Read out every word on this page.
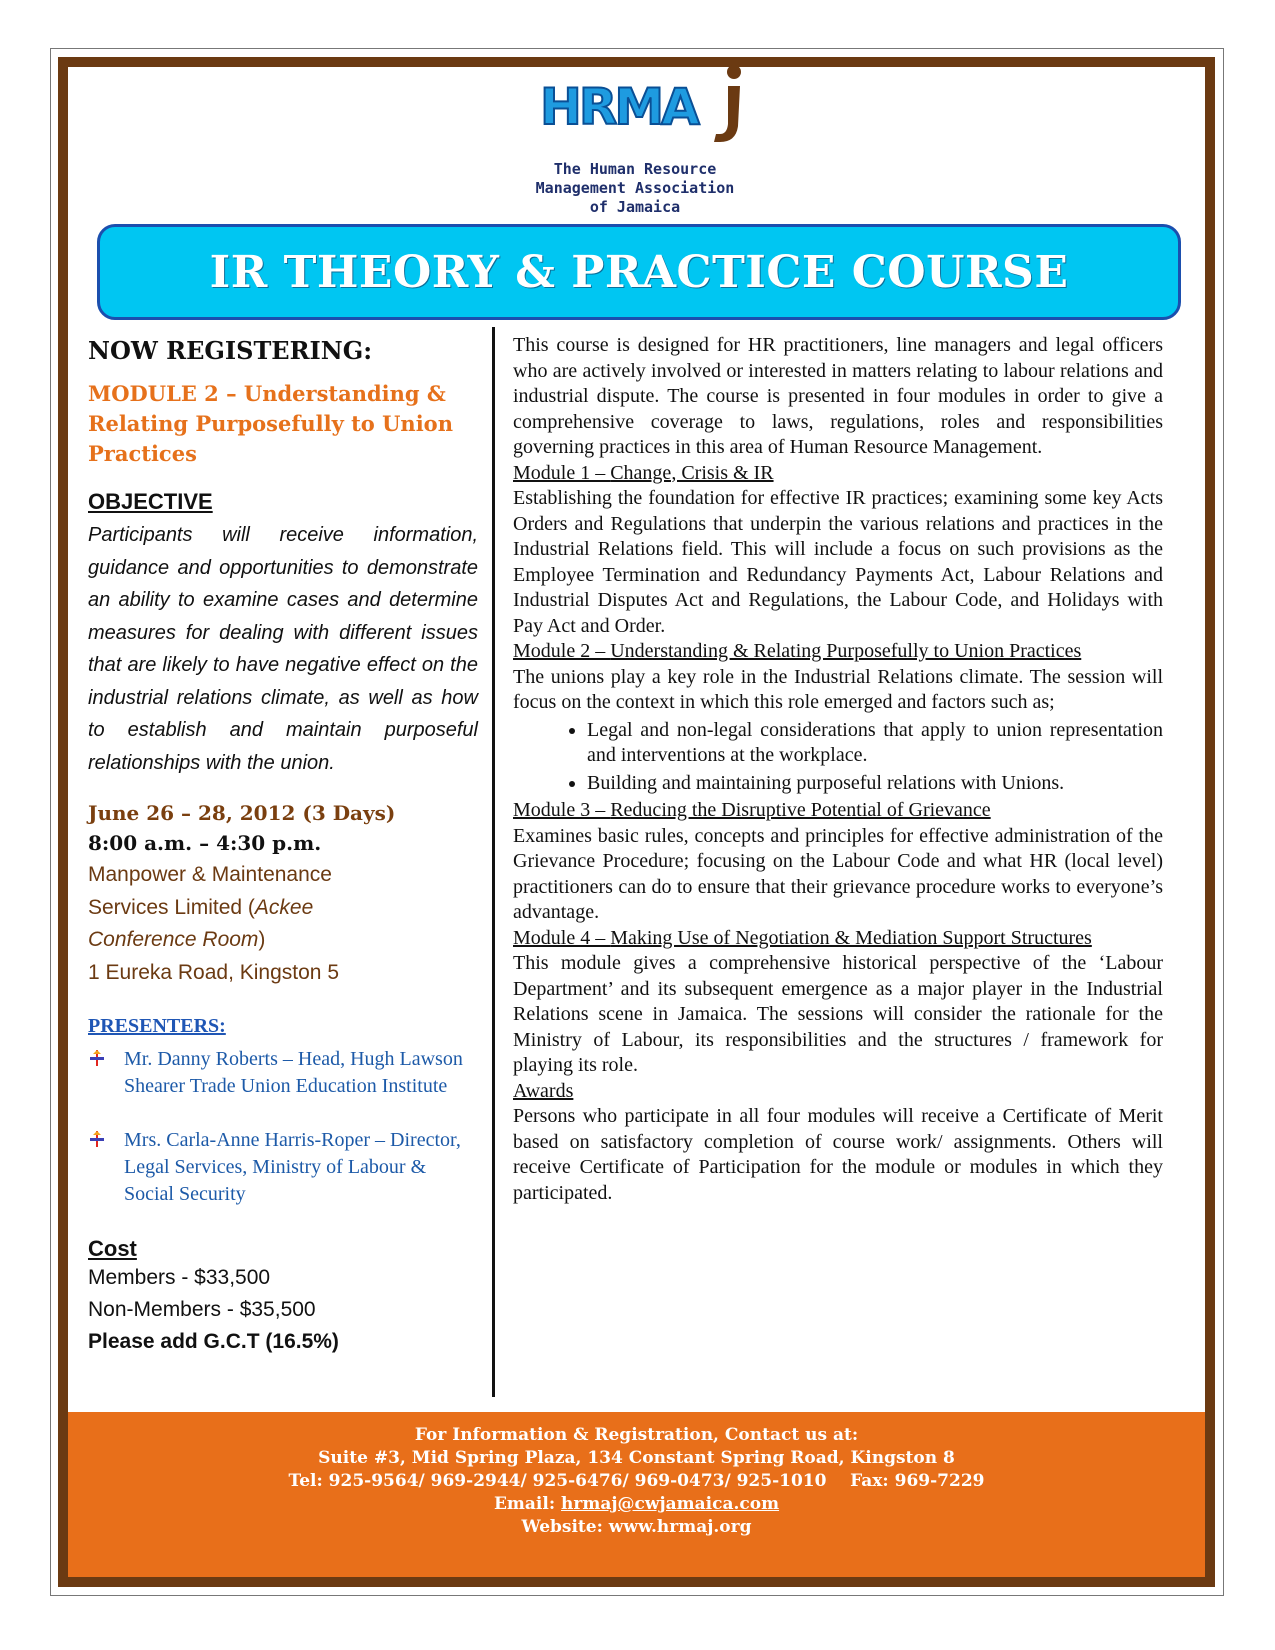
HRMA
The Human Resource
Management Association
of Jamaica
IR THEORY & PRACTICE COURSE
NOW REGISTERING:
MODULE 2 – Understanding & Relating Purposefully to Union Practices
OBJECTIVE
Participants will receive information, guidance and opportunities to demonstrate an ability to examine cases and determine measures for dealing with different issues that are likely to have negative effect on the industrial relations climate, as well as how to establish and maintain purposeful relationships with the union.
June 26 – 28, 2012 (3 Days)
8:00 a.m. – 4:30 p.m.
Manpower & Maintenance
Services Limited (Ackee
Conference Room)
1 Eureka Road, Kingston 5
PRESENTERS:
Mr. Danny Roberts – Head, Hugh Lawson Shearer Trade Union Education Institute
Mrs. Carla-Anne Harris-Roper – Director, Legal Services, Ministry of Labour & Social Security
Cost
Members - $33,500
Non-Members - $35,500
Please add G.C.T (16.5%)

This course is designed for HR practitioners, line managers and legal officers who are actively involved or interested in matters relating to labour relations and industrial dispute. The course is presented in four modules in order to give a comprehensive coverage to laws, regulations, roles and responsibilities governing practices in this area of Human Resource Management.

Module 1 – Change, Crisis & IR

Establishing the foundation for effective IR practices; examining some key Acts Orders and Regulations that underpin the various relations and practices in the Industrial Relations field. This will include a focus on such provisions as the Employee Termination and Redundancy Payments Act, Labour Relations and Industrial Disputes Act and Regulations, the Labour Code, and Holidays with Pay Act and Order.

Module 2 – Understanding & Relating Purposefully to Union Practices

The unions play a key role in the Industrial Relations climate. The session will focus on the context in which this role emerged and factors such as;

• Legal and non-legal considerations that apply to union representation and interventions at the workplace.
• Building and maintaining purposeful relations with Unions.

Module 3 – Reducing the Disruptive Potential of Grievance

Examines basic rules, concepts and principles for effective administration of the Grievance Procedure; focusing on the Labour Code and what HR (local level) practitioners can do to ensure that their grievance procedure works to everyone’s advantage.

Module 4 – Making Use of Negotiation & Mediation Support Structures

This module gives a comprehensive historical perspective of the ‘Labour Department’ and its subsequent emergence as a major player in the Industrial Relations scene in Jamaica. The sessions will consider the rationale for the Ministry of Labour, its responsibilities and the structures / framework for playing its role.

Awards

Persons who participate in all four modules will receive a Certificate of Merit based on satisfactory completion of course work/ assignments. Others will receive Certificate of Participation for the module or modules in which they participated.

For Information & Registration, Contact us at:
Suite #3, Mid Spring Plaza, 134 Constant Spring Road, Kingston 8
Tel: 925-9564/ 969-2944/ 925-6476/ 969-0473/ 925-1010    Fax: 969-7229
Email: hrmaj@cwjamaica.com
Website: www.hrmaj.org
